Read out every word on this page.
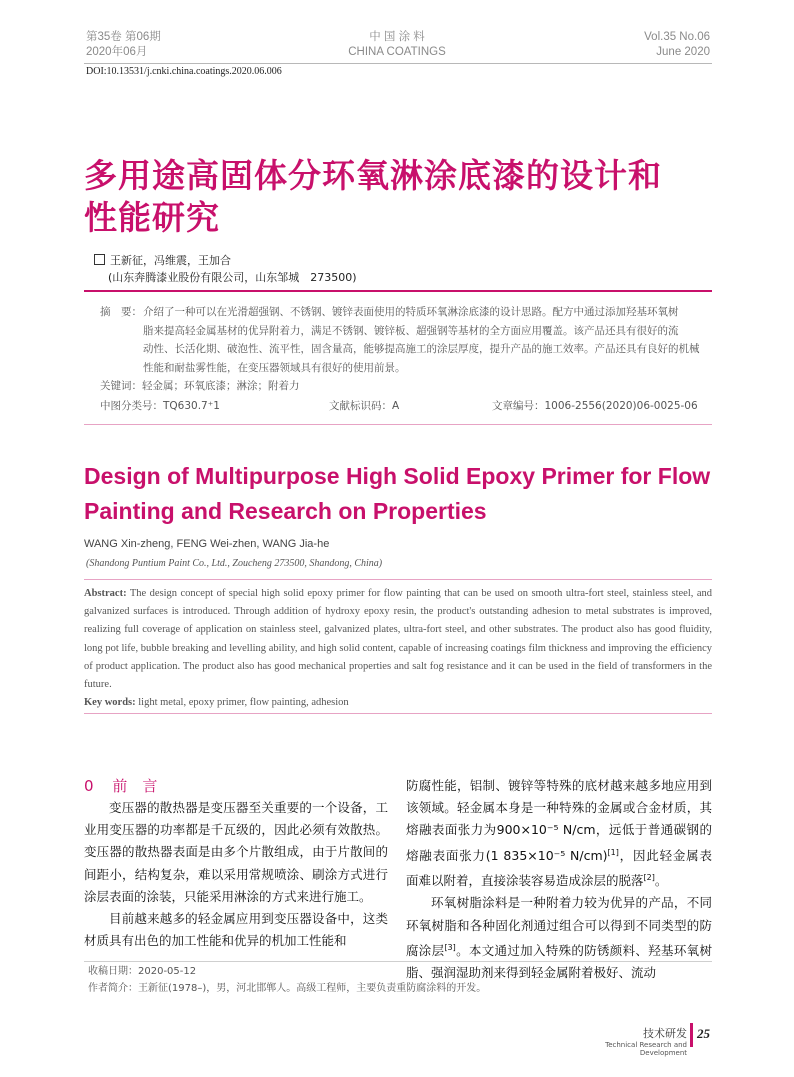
第35卷 第06期
2020年06月
中 国 涂 料
CHINA COATINGS
Vol.35 No.06
June 2020
DOI:10.13531/j.cnki.china.coatings.2020.06.006
多用途高固体分环氧淋涂底漆的设计和
性能研究
王新征，冯维震，王加合
(山东奔腾漆业股份有限公司，山东邹城　273500)
摘　要： 介绍了一种可以在光滑超强钢、不锈钢、镀锌表面使用的特质环氧淋涂底漆的设计思路。配方中通过添加羟基环氧树
脂来提高轻金属基材的优异附着力，满足不锈钢、镀锌板、超强钢等基材的全方面应用覆盖。该产品还具有很好的流
动性、长活化期、破泡性、流平性，固含量高，能够提高施工的涂层厚度，提升产品的施工效率。产品还具有良好的机械
性能和耐盐雾性能，在变压器领域具有很好的使用前景。
关键词：轻金属；环氧底漆；淋涂；附着力
中图分类号：TQ630.7⁺1	文献标识码：A	文章编号：1006-2556(2020)06-0025-06
Design of Multipurpose High Solid Epoxy Primer for Flow
Painting and Research on Properties
WANG Xin-zheng, FENG Wei-zhen, WANG Jia-he
(Shandong Puntium Paint Co., Ltd., Zoucheng 273500, Shandong, China)
Abstract: The design concept of special high solid epoxy primer for flow painting that can be used on smooth ultra-fort steel, stainless steel, and galvanized surfaces is introduced. Through addition of hydroxy epoxy resin, the product's outstanding adhesion to metal substrates is improved, realizing full coverage of application on stainless steel, galvanized plates, ultra-fort steel, and other substrates. The product also has good fluidity, long pot life, bubble breaking and levelling ability, and high solid content, capable of increasing coatings film thickness and improving the efficiency of product application. The product also has good mechanical properties and salt fog resistance and it can be used in the field of transformers in the future.
Key words: light metal, epoxy primer, flow painting, adhesion
0 前　言
变压器的散热器是变压器至关重要的一个设备，工业用变压器的功率都是千瓦级的，因此必须有效散热。变压器的散热器表面是由多个片散组成，由于片散间的间距小，结构复杂，难以采用常规喷涂、刷涂方式进行涂层表面的涂装，只能采用淋涂的方式来进行施工。
目前越来越多的轻金属应用到变压器设备中，这类材质具有出色的加工性能和优异的机加工性能和
防腐性能，铝制、镀锌等特殊的底材越来越多地应用到该领域。轻金属本身是一种特殊的金属或合金材质，其熔融表面张力为900×10⁻⁵ N/cm，远低于普通碳钢的熔融表面张力(1 835×10⁻⁵ N/cm)[1]，因此轻金属表面难以附着，直接涂装容易造成涂层的脱落[2]。
环氧树脂涂料是一种附着力较为优异的产品，不同环氧树脂和各种固化剂通过组合可以得到不同类型的防腐涂层[3]。本文通过加入特殊的防锈颜料、羟基环氧树脂、强润湿助剂来得到轻金属附着极好、流动
收稿日期：2020-05-12
作者简介：王新征(1978–)，男，河北邯郸人。高级工程师，主要负责重防腐涂料的开发。
技术研发
Technical Research and Development
25
